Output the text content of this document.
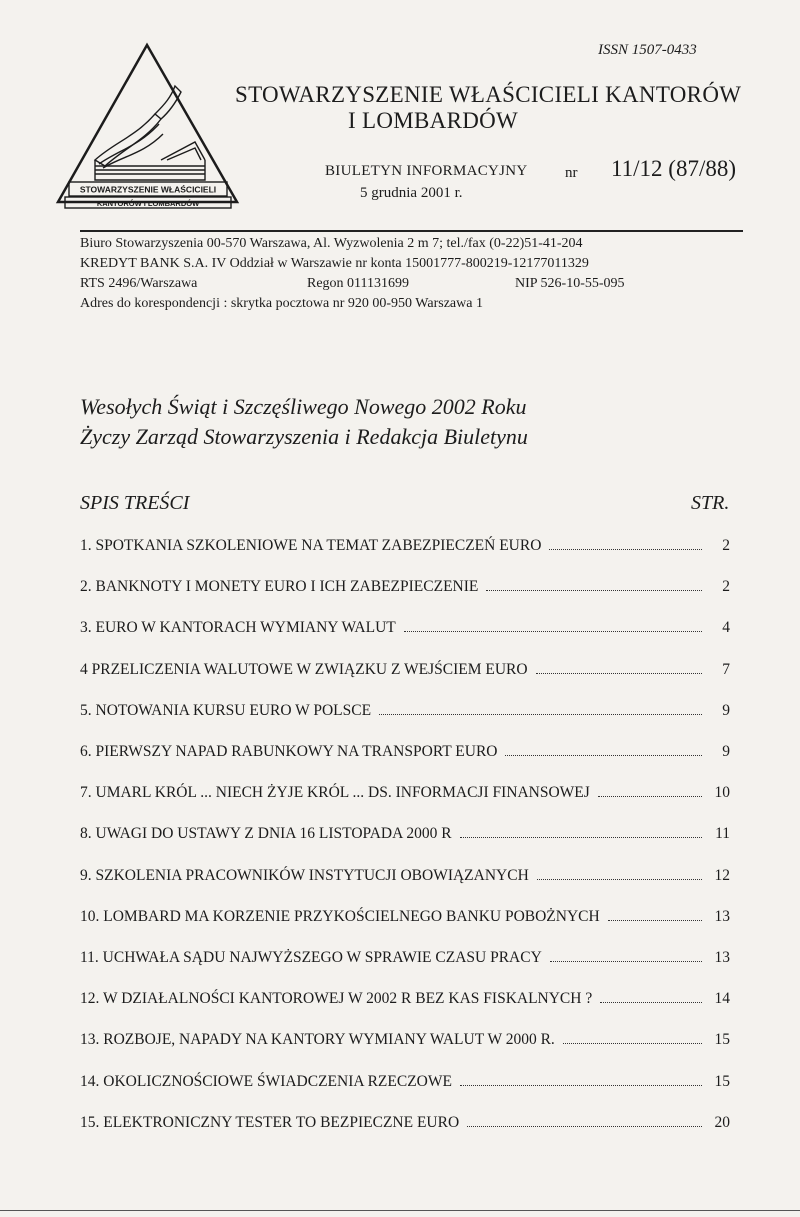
ISSN 1507-0433
STOWARZYSZENIE WŁAŚCICIELI
KANTORÓW I LOMBARDÓW
STOWARZYSZENIE WŁAŚCICIELI KANTORÓW
I LOMBARDÓW
BIULETYN INFORMACYJNY nr 11/12 (87/88)
5 grudnia 2001 r.
Biuro Stowarzyszenia 00-570 Warszawa, Al. Wyzwolenia 2 m 7; tel./fax (0-22)51-41-204
KREDYT BANK S.A. IV Oddział w Warszawie nr konta 15001777-800219-12177011329
RTS 2496/Warszawa	Regon 011131699	NIP 526-10-55-095
Adres do korespondencji : skrytka pocztowa nr 920 00-950 Warszawa 1
Wesołych Świąt i Szczęśliwego Nowego 2002 Roku
Życzy Zarząd Stowarzyszenia i Redakcja Biuletynu
SPIS TREŚCI	STR.
1. SPOTKANIA SZKOLENIOWE NA TEMAT ZABEZPIECZEŃ EURO	2
2. BANKNOTY I MONETY EURO I ICH ZABEZPIECZENIE	2
3. EURO W KANTORACH WYMIANY WALUT	4
4 PRZELICZENIA WALUTOWE W ZWIĄZKU Z WEJŚCIEM EURO	7
5. NOTOWANIA KURSU EURO W POLSCE	9
6. PIERWSZY NAPAD RABUNKOWY NA TRANSPORT EURO	9
7. UMARL KRÓL ... NIECH ŻYJE KRÓL ... DS. INFORMACJI FINANSOWEJ	10
8. UWAGI DO USTAWY Z DNIA 16 LISTOPADA 2000 R	11
9. SZKOLENIA PRACOWNIKÓW INSTYTUCJI OBOWIĄZANYCH	12
10. LOMBARD MA KORZENIE PRZYKOŚCIELNEGO BANKU POBOŻNYCH	13
11. UCHWAŁA SĄDU NAJWYŻSZEGO W SPRAWIE CZASU PRACY	13
12. W DZIAŁALNOŚCI KANTOROWEJ W 2002 R BEZ KAS FISKALNYCH ?	14
13. ROZBOJE, NAPADY NA KANTORY WYMIANY WALUT W 2000 R.	15
14. OKOLICZNOŚCIOWE ŚWIADCZENIA RZECZOWE	15
15. ELEKTRONICZNY TESTER TO BEZPIECZNE EURO	20
